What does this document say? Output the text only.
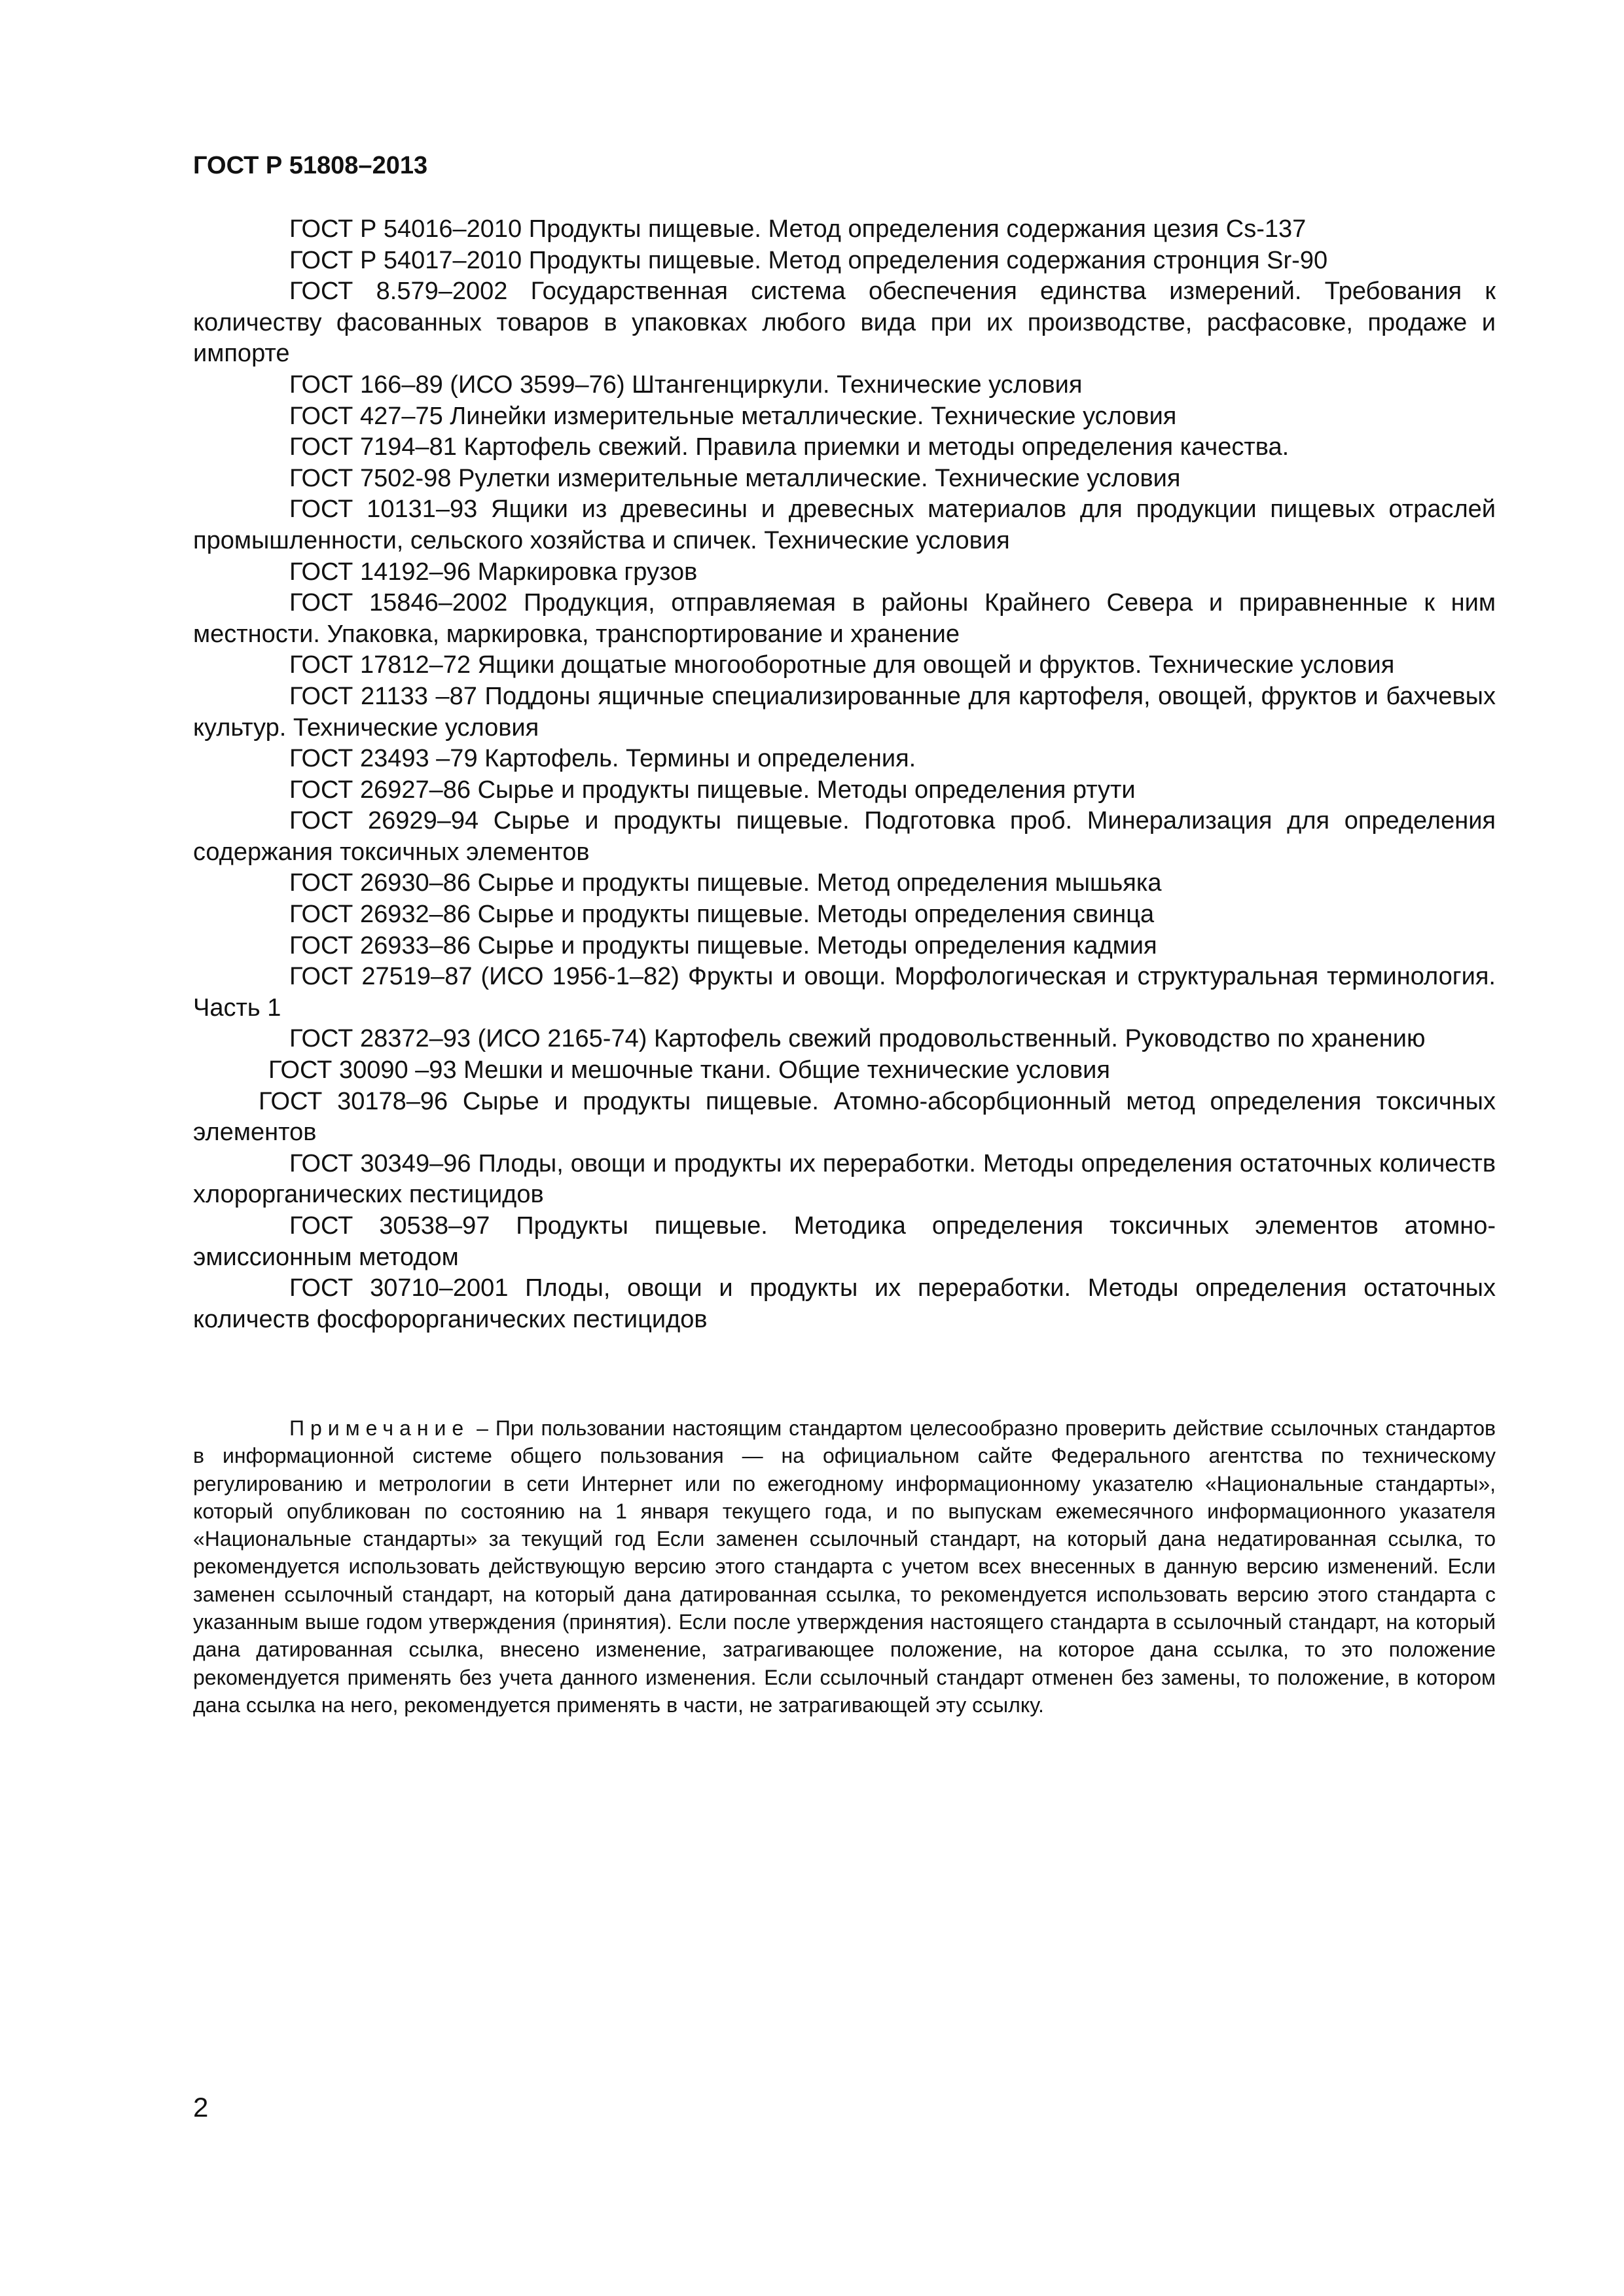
ГОСТ Р 51808–2013

ГОСТ Р 54016–2010 Продукты пищевые. Метод определения содержания цезия Cs-137

ГОСТ Р 54017–2010 Продукты пищевые. Метод определения содержания стронция Sr-90

ГОСТ 8.579–2002 Государственная система обеспечения единства измерений. Требования к количеству фасованных товаров в упаковках любого вида при их производстве, расфасовке, продаже и импорте

ГОСТ 166–89 (ИСО 3599–76) Штангенциркули. Технические условия

ГОСТ 427–75 Линейки измерительные металлические. Технические условия

ГОСТ 7194–81 Картофель свежий. Правила приемки и методы определения качества.

ГОСТ 7502-98 Рулетки измерительные металлические. Технические условия

ГОСТ 10131–93 Ящики из древесины и древесных материалов для продукции пищевых отраслей промышленности, сельского хозяйства и спичек. Технические условия

ГОСТ 14192–96 Маркировка грузов

ГОСТ 15846–2002 Продукция, отправляемая в районы Крайнего Севера и приравненные к ним местности. Упаковка, маркировка, транспортирование и хранение

ГОСТ 17812–72 Ящики дощатые многооборотные для овощей и фруктов. Технические условия

ГОСТ 21133 –87 Поддоны ящичные специализированные для картофеля, овощей, фруктов и бахчевых культур. Технические условия

ГОСТ 23493 –79 Картофель. Термины и определения.

ГОСТ 26927–86 Сырье и продукты пищевые. Методы определения ртути

ГОСТ 26929–94 Сырье и продукты пищевые. Подготовка проб. Минерализация для определения содержания токсичных элементов

ГОСТ 26930–86 Сырье и продукты пищевые. Метод определения мышьяка

ГОСТ 26932–86 Сырье и продукты пищевые. Методы определения свинца

ГОСТ 26933–86 Сырье и продукты пищевые. Методы определения кадмия

ГОСТ 27519–87 (ИСО 1956-1–82) Фрукты и овощи. Морфологическая и структуральная терминология. Часть 1

ГОСТ 28372–93 (ИСО 2165-74) Картофель свежий продовольственный. Руководство по хранению

ГОСТ 30090 –93 Мешки и мешочные ткани. Общие технические условия

ГОСТ 30178–96 Сырье и продукты пищевые. Атомно-абсорбционный метод определения токсичных элементов

ГОСТ 30349–96 Плоды, овощи и продукты их переработки. Методы определения остаточных количеств хлорорганических пестицидов

ГОСТ 30538–97 Продукты пищевые. Методика определения токсичных элементов атомно-эмиссионным методом

ГОСТ 30710–2001 Плоды, овощи и продукты их переработки. Методы определения остаточных количеств фосфорорганических пестицидов

Примечание – При пользовании настоящим стандартом целесообразно проверить действие ссылочных стандартов в информационной системе общего пользования — на официальном сайте Федерального агентства по техническому регулированию и метрологии в сети Интернет или по ежегодному информационному указателю «Национальные стандарты», который опубликован по состоянию на 1 января текущего года, и по выпускам ежемесячного информационного указателя «Национальные стандарты» за текущий год Если заменен ссылочный стандарт, на который дана недатированная ссылка, то рекомендуется использовать действующую версию этого стандарта с учетом всех внесенных в данную версию изменений. Если заменен ссылочный стандарт, на который дана датированная ссылка, то рекомендуется использовать версию этого стандарта с указанным выше годом утверждения (принятия). Если после утверждения настоящего стандарта в ссылочный стандарт, на который дана датированная ссылка, внесено изменение, затрагивающее положение, на которое дана ссылка, то это положение рекомендуется применять без учета данного изменения. Если ссылочный стандарт отменен без замены, то положение, в котором дана ссылка на него, рекомендуется применять в части, не затрагивающей эту ссылку.

2
